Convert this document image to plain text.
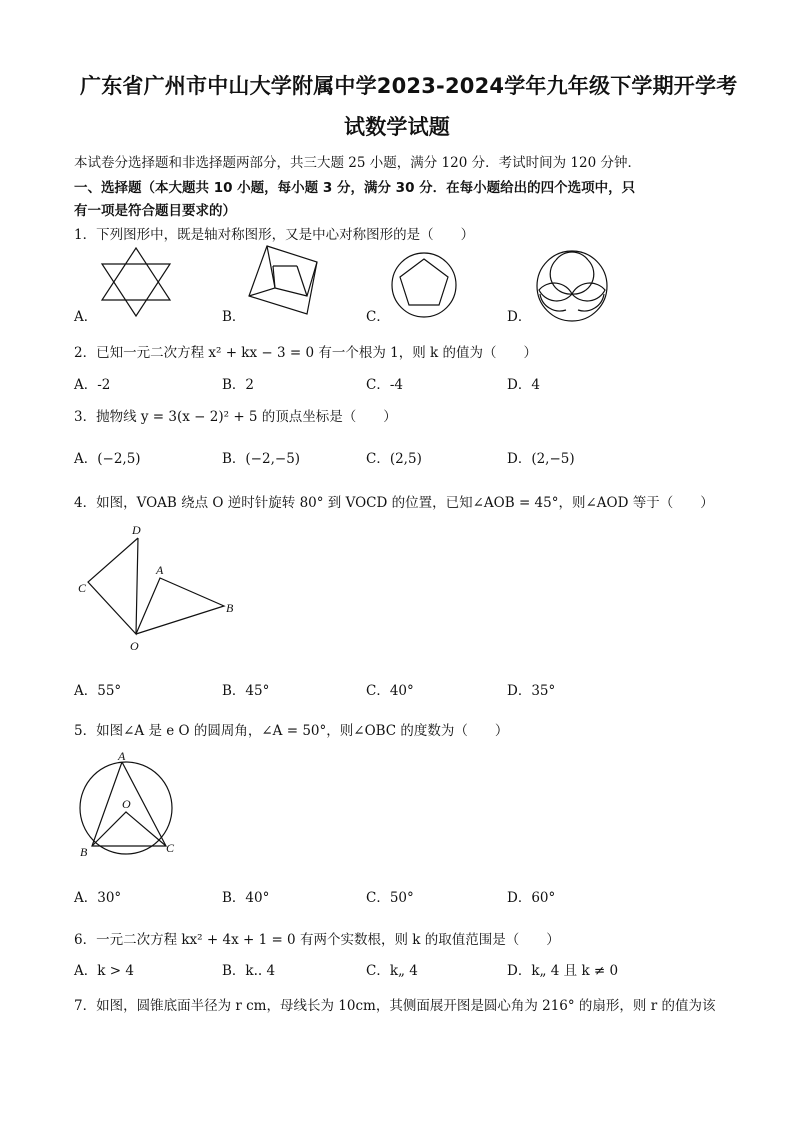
广东省广州市中山大学附属中学2023-2024学年九年级下学期开学考
试数学试题
本试卷分选择题和非选择题两部分，共三大题 25 小题，满分 120 分．考试时间为 120 分钟．
一、选择题（本大题共 10 小题，每小题 3 分，满分 30 分．在每小题给出的四个选项中，只
有一项是符合题目要求的）
1．下列图形中，既是轴对称图形，又是中心对称图形的是（　　）
A．	B．	C．	D．
2．已知一元二次方程 x² + kx − 3 = 0 有一个根为 1，则 k 的值为（　　）
A．-2	B．2	C．-4	D．4
3．抛物线 y = 3(x − 2)² + 5 的顶点坐标是（　　）
A．(−2,5)	B．(−2,−5)	C．(2,5)	D．(2,−5)
4．如图，VOAB 绕点 O 逆时针旋转 80° 到 VOCD 的位置，已知∠AOB = 45°，则∠AOD 等于（　　）
D
C
A
B
O
A．55°	B．45°	C．40°	D．35°
5．如图∠A 是 e O 的圆周角，∠A = 50°，则∠OBC 的度数为（　　）
A
O
B	C
A．30°	B．40°	C．50°	D．60°
6．一元二次方程 kx² + 4x + 1 = 0 有两个实数根，则 k 的取值范围是（　　）
A．k > 4	B．k.. 4	C．k„ 4	D．k„ 4 且 k ≠ 0
7．如图，圆锥底面半径为 r cm，母线长为 10cm，其侧面展开图是圆心角为 216° 的扇形，则 r 的值为该
